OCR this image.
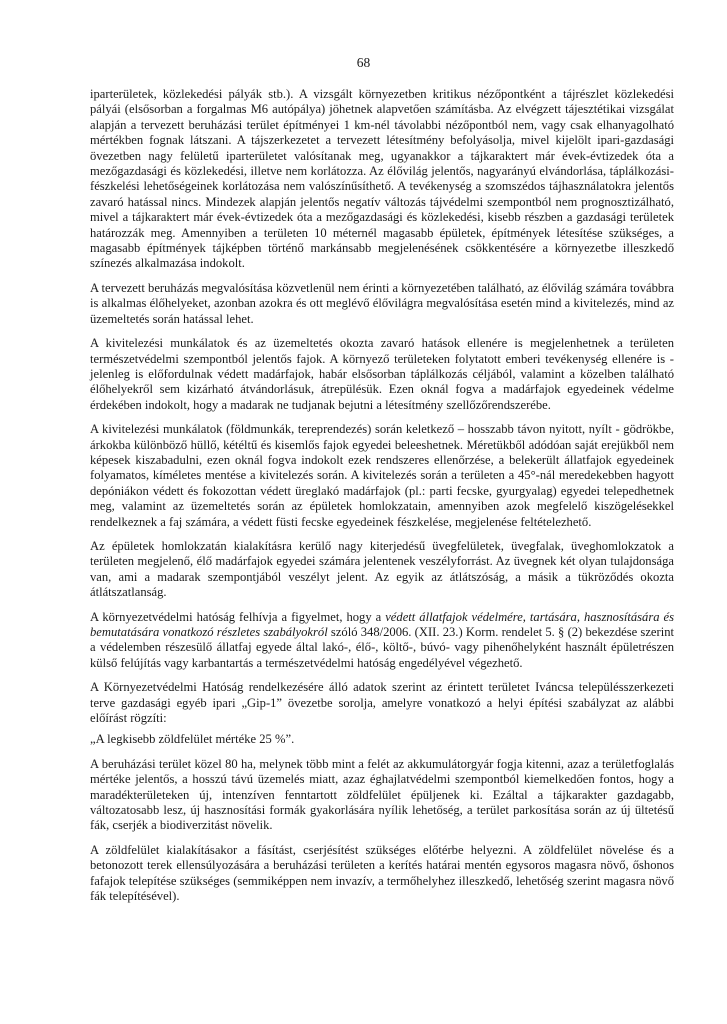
68

iparterületek, közlekedési pályák stb.). A vizsgált környezetben kritikus nézőpontként a tájrészlet közlekedési pályái (elsősorban a forgalmas M6 autópálya) jöhetnek alapvetően számításba. Az elvégzett tájesztétikai vizsgálat alapján a tervezett beruházási terület építményei 1 km-nél távolabbi nézőpontból nem, vagy csak elhanyagolható mértékben fognak látszani. A tájszerkezetet a tervezett létesítmény befolyásolja, mivel kijelölt ipari-gazdasági övezetben nagy felületű iparterületet valósítanak meg, ugyanakkor a tájkaraktert már évek-évtizedek óta a mezőgazdasági és közlekedési, illetve nem korlátozza. Az élővilág jelentős, nagyarányú elvándorlása, táplálkozási-fészkelési lehetőségeinek korlátozása nem valószínűsíthető. A tevékenység a szomszédos tájhasználatokra jelentős zavaró hatással nincs. Mindezek alapján jelentős negatív változás tájvédelmi szempontból nem prognosztizálható, mivel a tájkaraktert már évek-évtizedek óta a mezőgazdasági és közlekedési, kisebb részben a gazdasági területek határozzák meg. Amennyiben a területen 10 méternél magasabb épületek, építmények létesítése szükséges, a magasabb építmények tájképben történő markánsabb megjelenésének csökkentésére a környezetbe illeszkedő színezés alkalmazása indokolt.

A tervezett beruházás megvalósítása közvetlenül nem érinti a környezetében található, az élővilág számára továbbra is alkalmas élőhelyeket, azonban azokra és ott meglévő élővilágra megvalósítása esetén mind a kivitelezés, mind az üzemeltetés során hatással lehet.

A kivitelezési munkálatok és az üzemeltetés okozta zavaró hatások ellenére is megjelenhetnek a területen természetvédelmi szempontból jelentős fajok. A környező területeken folytatott emberi tevékenység ellenére is - jelenleg is előfordulnak védett madárfajok, habár elsősorban táplálkozás céljából, valamint a közelben található élőhelyekről sem kizárható átvándorlásuk, átrepülésük. Ezen oknál fogva a madárfajok egyedeinek védelme érdekében indokolt, hogy a madarak ne tudjanak bejutni a létesítmény szellőzőrendszerébe.

A kivitelezési munkálatok (földmunkák, tereprendezés) során keletkező – hosszabb távon nyitott, nyílt - gödrökbe, árkokba különböző hüllő, kétéltű és kisemlős fajok egyedei beleeshetnek. Méretükből adódóan saját erejükből nem képesek kiszabadulni, ezen oknál fogva indokolt ezek rendszeres ellenőrzése, a belekerült állatfajok egyedeinek folyamatos, kíméletes mentése a kivitelezés során. A kivitelezés során a területen a 45°-nál meredekebben hagyott depóniákon védett és fokozottan védett üreglakó madárfajok (pl.: parti fecske, gyurgyalag) egyedei telepedhetnek meg, valamint az üzemeltetés során az épületek homlokzatain, amennyiben azok megfelelő kiszögelésekkel rendelkeznek a faj számára, a védett füsti fecske egyedeinek fészkelése, megjelenése feltételezhető.

Az épületek homlokzatán kialakításra kerülő nagy kiterjedésű üvegfelületek, üvegfalak, üveghomlokzatok a területen megjelenő, élő madárfajok egyedei számára jelentenek veszélyforrást. Az üvegnek két olyan tulajdonsága van, ami a madarak szempontjából veszélyt jelent. Az egyik az átlátszóság, a másik a tükröződés okozta átlátszatlanság.

A környezetvédelmi hatóság felhívja a figyelmet, hogy a védett állatfajok védelmére, tartására, hasznosítására és bemutatására vonatkozó részletes szabályokról szóló 348/2006. (XII. 23.) Korm. rendelet 5. § (2) bekezdése szerint a védelemben részesülő állatfaj egyede által lakó-, élő-, költő-, búvó- vagy pihenőhelyként használt épületrészen külső felújítás vagy karbantartás a természetvédelmi hatóság engedélyével végezhető.

A Környezetvédelmi Hatóság rendelkezésére álló adatok szerint az érintett területet Iváncsa településszerkezeti terve gazdasági egyéb ipari „Gip-1” övezetbe sorolja, amelyre vonatkozó a helyi építési szabályzat az alábbi előírást rögzíti:

„A legkisebb zöldfelület mértéke 25 %”.

A beruházási terület közel 80 ha, melynek több mint a felét az akkumulátorgyár fogja kitenni, azaz a területfoglalás mértéke jelentős, a hosszú távú üzemelés miatt, azaz éghajlatvédelmi szempontból kiemelkedően fontos, hogy a maradékterületeken új, intenzíven fenntartott zöldfelület épüljenek ki. Ezáltal a tájkarakter gazdagabb, változatosabb lesz, új hasznosítási formák gyakorlására nyílik lehetőség, a terület parkosítása során az új ültetésű fák, cserjék a biodiverzitást növelik.

A zöldfelület kialakításakor a fásítást, cserjésítést szükséges előtérbe helyezni. A zöldfelület növelése és a betonozott terek ellensúlyozására a beruházási területen a kerítés határai mentén egysoros magasra növő, őshonos fafajok telepítése szükséges (semmiképpen nem invazív, a termőhelyhez illeszkedő, lehetőség szerint magasra növő fák telepítésével).
